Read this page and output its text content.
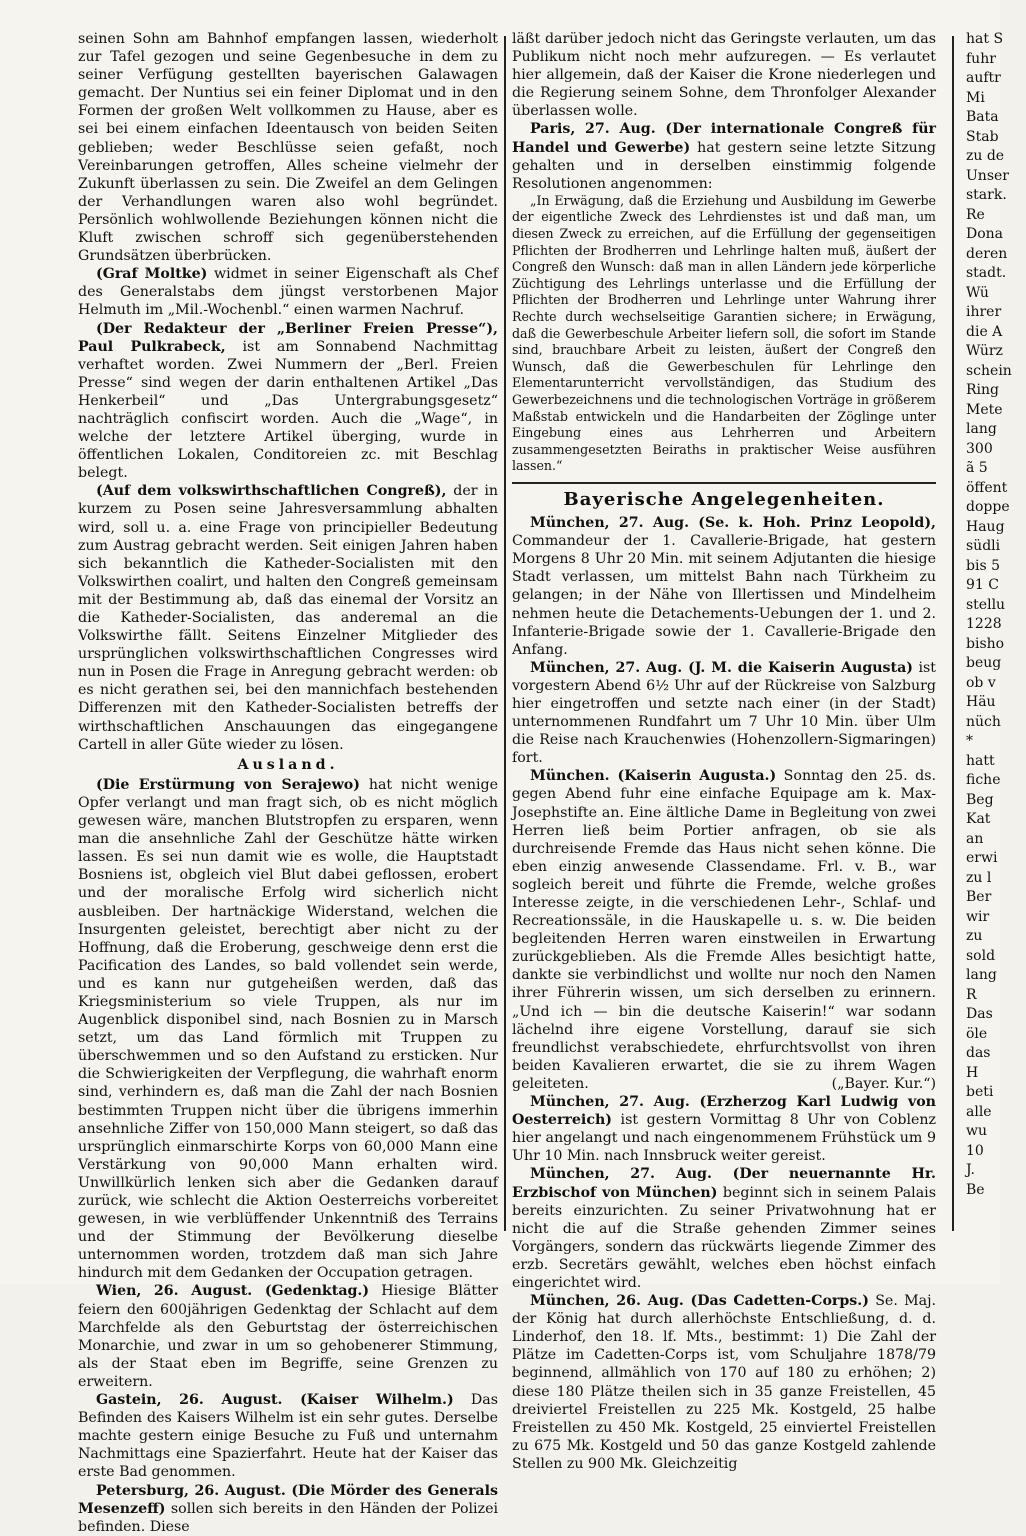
seinen Sohn am Bahnhof empfangen lassen, wiederholt zur Tafel gezogen und seine Gegenbesuche in dem zu seiner Verfügung gestellten bayerischen Galawagen gemacht. Der Nuntius sei ein feiner Diplomat und in den Formen der großen Welt vollkommen zu Hause, aber es sei bei einem einfachen Ideentausch von beiden Seiten geblieben; weder Beschlüsse seien gefaßt, noch Vereinbarungen getroffen, Alles scheine vielmehr der Zukunft überlassen zu sein. Die Zweifel an dem Gelingen der Verhandlungen waren also wohl begründet. Persönlich wohlwollende Beziehungen können nicht die Kluft zwischen schroff sich gegenüberstehenden Grundsätzen überbrücken.

(Graf Moltke) widmet in seiner Eigenschaft als Chef des Generalstabs dem jüngst verstorbenen Major Helmuth im „Mil.-Wochenbl.“ einen warmen Nachruf.

(Der Redakteur der „Berliner Freien Presse“), Paul Pulkrabeck, ist am Sonnabend Nachmittag verhaftet worden. Zwei Nummern der „Berl. Freien Presse“ sind wegen der darin enthaltenen Artikel „Das Henkerbeil“ und „Das Untergrabungsgesetz“ nachträglich confiscirt worden. Auch die „Wage“, in welche der letztere Artikel überging, wurde in öffentlichen Lokalen, Conditoreien zc. mit Beschlag belegt.

(Auf dem volkswirthschaftlichen Congreß), der in kurzem zu Posen seine Jahresversammlung abhalten wird, soll u. a. eine Frage von principieller Bedeutung zum Austrag gebracht werden. Seit einigen Jahren haben sich bekanntlich die Katheder-Socialisten mit den Volkswirthen coalirt, und halten den Congreß gemeinsam mit der Bestimmung ab, daß das einemal der Vorsitz an die Katheder-Socialisten, das anderemal an die Volkswirthe fällt. Seitens Einzelner Mitglieder des ursprünglichen volkswirthschaftlichen Congresses wird nun in Posen die Frage in Anregung gebracht werden: ob es nicht gerathen sei, bei den mannichfach bestehenden Differenzen mit den Katheder-Socialisten betreffs der wirthschaftlichen Anschauungen das eingegangene Cartell in aller Güte wieder zu lösen.

Ausland.

(Die Erstürmung von Serajewo) hat nicht wenige Opfer verlangt und man fragt sich, ob es nicht möglich gewesen wäre, manchen Blutstropfen zu ersparen, wenn man die ansehnliche Zahl der Geschütze hätte wirken lassen. Es sei nun damit wie es wolle, die Hauptstadt Bosniens ist, obgleich viel Blut dabei geflossen, erobert und der moralische Erfolg wird sicherlich nicht ausbleiben. Der hartnäckige Widerstand, welchen die Insurgenten geleistet, berechtigt aber nicht zu der Hoffnung, daß die Eroberung, geschweige denn erst die Pacification des Landes, so bald vollendet sein werde, und es kann nur gutgeheißen werden, daß das Kriegsministerium so viele Truppen, als nur im Augenblick disponibel sind, nach Bosnien zu in Marsch setzt, um das Land förmlich mit Truppen zu überschwemmen und so den Aufstand zu ersticken. Nur die Schwierigkeiten der Verpflegung, die wahrhaft enorm sind, verhindern es, daß man die Zahl der nach Bosnien bestimmten Truppen nicht über die übrigens immerhin ansehnliche Ziffer von 150,000 Mann steigert, so daß das ursprünglich einmarschirte Korps von 60,000 Mann eine Verstärkung von 90,000 Mann erhalten wird. Unwillkürlich lenken sich aber die Gedanken darauf zurück, wie schlecht die Aktion Oesterreichs vorbereitet gewesen, in wie verblüffender Unkenntniß des Terrains und der Stimmung der Bevölkerung dieselbe unternommen worden, trotzdem daß man sich Jahre hindurch mit dem Gedanken der Occupation getragen.

Wien, 26. August. (Gedenktag.) Hiesige Blätter feiern den 600jährigen Gedenktag der Schlacht auf dem Marchfelde als den Geburtstag der österreichischen Monarchie, und zwar in um so gehobenerer Stimmung, als der Staat eben im Begriffe, seine Grenzen zu erweitern.

Gastein, 26. August. (Kaiser Wilhelm.) Das Befinden des Kaisers Wilhelm ist ein sehr gutes. Derselbe machte gestern einige Besuche zu Fuß und unternahm Nachmittags eine Spazierfahrt. Heute hat der Kaiser das erste Bad genommen.

Petersburg, 26. August. (Die Mörder des Generals Mesenzeff) sollen sich bereits in den Händen der Polizei befinden. Diese

läßt darüber jedoch nicht das Geringste verlauten, um das Publikum nicht noch mehr aufzuregen. — Es verlautet hier allgemein, daß der Kaiser die Krone niederlegen und die Regierung seinem Sohne, dem Thronfolger Alexander überlassen wolle.

Paris, 27. Aug. (Der internationale Congreß für Handel und Gewerbe) hat gestern seine letzte Sitzung gehalten und in derselben einstimmig folgende Resolutionen angenommen:

„In Erwägung, daß die Erziehung und Ausbildung im Gewerbe der eigentliche Zweck des Lehrdienstes ist und daß man, um diesen Zweck zu erreichen, auf die Erfüllung der gegenseitigen Pflichten der Brodherren und Lehrlinge halten muß, äußert der Congreß den Wunsch: daß man in allen Ländern jede körperliche Züchtigung des Lehrlings unterlasse und die Erfüllung der Pflichten der Brodherren und Lehrlinge unter Wahrung ihrer Rechte durch wechselseitige Garantien sichere; in Erwägung, daß die Gewerbeschule Arbeiter liefern soll, die sofort im Stande sind, brauchbare Arbeit zu leisten, äußert der Congreß den Wunsch, daß die Gewerbeschulen für Lehrlinge den Elementarunterricht vervollständigen, das Studium des Gewerbezeichnens und die technologischen Vorträge in größerem Maßstab entwickeln und die Handarbeiten der Zöglinge unter Eingebung eines aus Lehrherren und Arbeitern zusammengesetzten Beiraths in praktischer Weise ausführen lassen.“

Bayerische Angelegenheiten.

München, 27. Aug. (Se. k. Hoh. Prinz Leopold), Commandeur der 1. Cavallerie-Brigade, hat gestern Morgens 8 Uhr 20 Min. mit seinem Adjutanten die hiesige Stadt verlassen, um mittelst Bahn nach Türkheim zu gelangen; in der Nähe von Illertissen und Mindelheim nehmen heute die Detachements-Uebungen der 1. und 2. Infanterie-Brigade sowie der 1. Cavallerie-Brigade den Anfang.

München, 27. Aug. (J. M. die Kaiserin Augusta) ist vorgestern Abend 6½ Uhr auf der Rückreise von Salzburg hier eingetroffen und setzte nach einer (in der Stadt) unternommenen Rundfahrt um 7 Uhr 10 Min. über Ulm die Reise nach Krauchenwies (Hohenzollern-Sigmaringen) fort.

München. (Kaiserin Augusta.) Sonntag den 25. ds. gegen Abend fuhr eine einfache Equipage am k. Max-Josephstifte an. Eine ältliche Dame in Begleitung von zwei Herren ließ beim Portier anfragen, ob sie als durchreisende Fremde das Haus nicht sehen könne. Die eben einzig anwesende Classendame. Frl. v. B., war sogleich bereit und führte die Fremde, welche großes Interesse zeigte, in die verschiedenen Lehr-, Schlaf- und Recreationssäle, in die Hauskapelle u. s. w. Die beiden begleitenden Herren waren einstweilen in Erwartung zurückgeblieben. Als die Fremde Alles besichtigt hatte, dankte sie verbindlichst und wollte nur noch den Namen ihrer Führerin wissen, um sich derselben zu erinnern. „Und ich — bin die deutsche Kaiserin!“ war sodann lächelnd ihre eigene Vorstellung, darauf sie sich freundlichst verabschiedete, ehrfurchtsvollst von ihren beiden Kavalieren erwartet, die sie zu ihrem Wagen geleiteten.	(„Bayer. Kur.“)

München, 27. Aug. (Erzherzog Karl Ludwig von Oesterreich) ist gestern Vormittag 8 Uhr von Coblenz hier angelangt und nach eingenommenem Frühstück um 9 Uhr 10 Min. nach Innsbruck weiter gereist.

München, 27. Aug. (Der neuernannte Hr. Erzbischof von München) beginnt sich in seinem Palais bereits einzurichten. Zu seiner Privatwohnung hat er nicht die auf die Straße gehenden Zimmer seines Vorgängers, sondern das rückwärts liegende Zimmer des erzb. Secretärs gewählt, welches eben höchst einfach eingerichtet wird.

München, 26. Aug. (Das Cadetten-Corps.) Se. Maj. der König hat durch allerhöchste Entschließung, d. d. Linderhof, den 18. lf. Mts., bestimmt: 1) Die Zahl der Plätze im Cadetten-Corps ist, vom Schuljahre 1878/79 beginnend, allmählich von 170 auf 180 zu erhöhen; 2) diese 180 Plätze theilen sich in 35 ganze Freistellen, 45 dreiviertel Freistellen zu 225 Mk. Kostgeld, 25 halbe Freistellen zu 450 Mk. Kostgeld, 25 einviertel Freistellen zu 675 Mk. Kostgeld und 50 das ganze Kostgeld zahlende Stellen zu 900 Mk. Gleichzeitig

hat S
fuhr
auftr
Mi
Bata
Stab
zu de
Unser
stark.
Re
Dona
deren
stadt.
Wü
ihrer
die A
Würz
schein
Ring
Mete
lang
300
ã 5
öffent
doppe
Haug
südli
bis 5
91 C
stellu
1228
bisho
beug
ob v
Häu
nüch
*
hatt
fiche
Beg
Kat
an
erwi
zu l
Ber
wir
zu
sold
lang
R
Das
öle
das
H
beti
alle
wu
10
J.
Be
